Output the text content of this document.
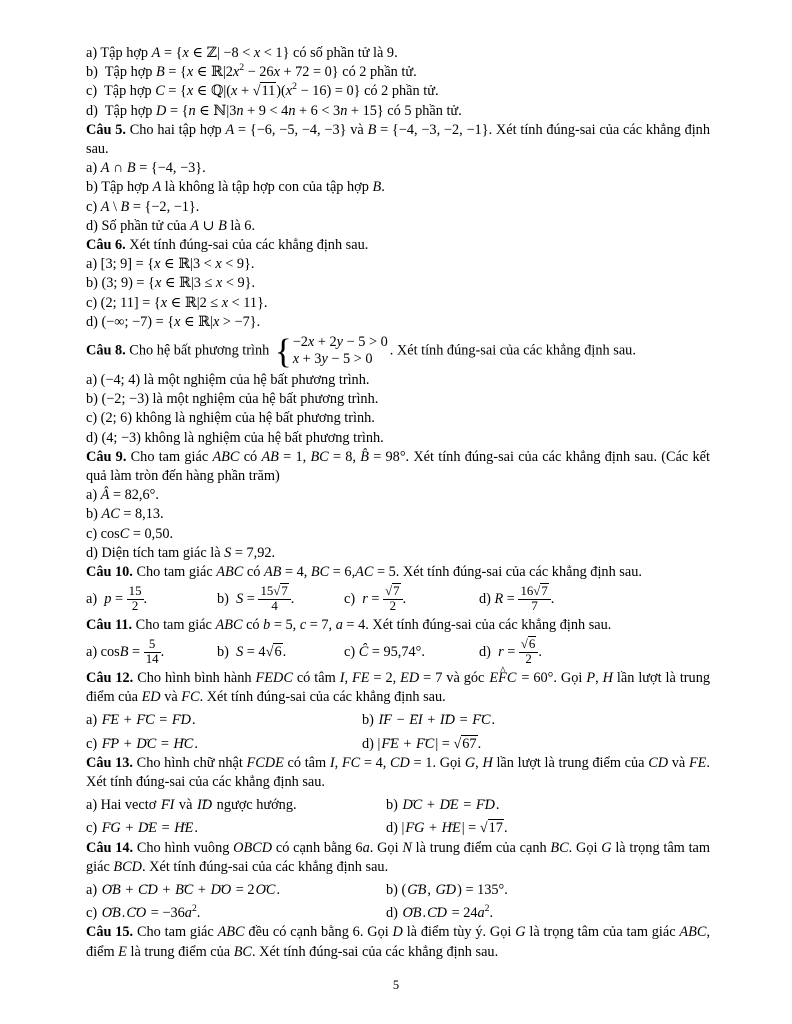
a) Tập hợp A = {x ∈ ℤ| −8 < x < 1} có số phần tử là 9.

b)  Tập hợp B = {x ∈ $ℝ|2x^2 - 26x + 72 = 0$} có 2 phần tử.

c)  Tập hợp C = {x ∈ ℚ|(x + $√11)(x^2 - 16) = 0$} có 2 phần tử.

d)  Tập hợp D = {n ∈ ℕ|3n + 9 < 4n + 6 < 3n + 15} có 5 phần tử.

Câu 5. Cho hai tập hợp A = {−6, −5, −4, −3} và B = {−4, −3, −2, −1}. Xét tính đúng-sai của các khẳng định sau.

a) A ∩ B = {−4, −3}.

b) Tập hợp A là không là tập hợp con của tập hợp B.

c) A \ B = {−2, −1}.

d) Số phần tử của A ∪ B là 6.

Câu 6. Xét tính đúng-sai của các khẳng định sau.

a) [3; 9] = {x ∈ ℝ|3 < x < 9}.

b) (3; 9) = {x ∈ ℝ|3 ≤ x < 9}.

c) (2; 11] = {x ∈ ℝ|2 ≤ x < 11}.

d) (−∞; −7) = {x ∈ ℝ|x > −7}.

Câu 8. Cho hệ bất phương trình { −2x + 2y − 5 > 0
x + 3y − 5 > 0
. Xét tính đúng-sai của các khẳng định sau.

a) (−4; 4) là một nghiệm của hệ bất phương trình.

b) (−2; −3) là một nghiệm của hệ bất phương trình.

c) (2; 6) không là nghiệm của hệ bất phương trình.

d) (4; −3) không là nghiệm của hệ bất phương trình.

Câu 9. Cho tam giác ABC có AB = 1, BC = 8, B̂ = 98°. Xét tính đúng-sai của các khẳng định sau. (Các kết quả làm tròn đến hàng phần trăm)

a) Â = 82,6°.

b) AC = 8,13.

c) cosC = 0,50.

d) Diện tích tam giác là S = 7,92.

Câu 10. Cho tam giác ABC có AB = 4, BC = 6,AC = 5. Xét tính đúng-sai của các khẳng định sau.

a)  $p = \frac{15}{2}$ .	b)  $S = \frac{15√7}{4}$ .	c)  $r = \frac{√7}{2}$ .	d) $R = \frac{16√7}{7}$ .

Câu 11. Cho tam giác ABC có b = 5, c = 7, a = 4. Xét tính đúng-sai của các khẳng định sau.

a) $\cos B = \frac{5}{14}$ .	b)  S = 4√6.	c) Ĉ = 95,74°.	d)  $r = \frac{√6}{2}$ .

Câu 12. Cho hình bình hành FEDC có tâm I, FE = 2, ED = 7 và góc ^ EFC = 60°. Gọi P, H lần lượt là trung điểm của ED và FC. Xét tính đúng-sai của các khẳng định sau.

a) → FE + → FC = → FD.	b) → IF − → EI + → ID = → FC.
c) → FP + → DC = → HC.	d) |→ FE + → FC| = √67.

Câu 13. Cho hình chữ nhật FCDE có tâm I, FC = 4, CD = 1. Gọi G, H lần lượt là trung điểm của CD và FE. Xét tính đúng-sai của các khẳng định sau.

a) Hai vectơ → FI và → ID ngược hướng.	b) → DC + → DE = → FD.
c) → FG + → DE = → HE.	d) |→ FG + → HE| = √17.

Câu 14. Cho hình vuông OBCD có cạnh bằng 6a. Gọi N là trung điểm của cạnh BC. Gọi G là trọng tâm tam giác BCD. Xét tính đúng-sai của các khẳng định sau.

a) → OB + → CD + → BC + → DO = 2→ OC.	b) (→ GB, → GD) = 135°.
c) → OB.→ CO = $-36a^2$.	d) → OB.→ CD = $24a^2$.

Câu 15. Cho tam giác ABC đều có cạnh bằng 6. Gọi D là điểm tùy ý. Gọi G là trọng tâm của tam giác ABC, điểm E là trung điểm của BC. Xét tính đúng-sai của các khẳng định sau.

5
